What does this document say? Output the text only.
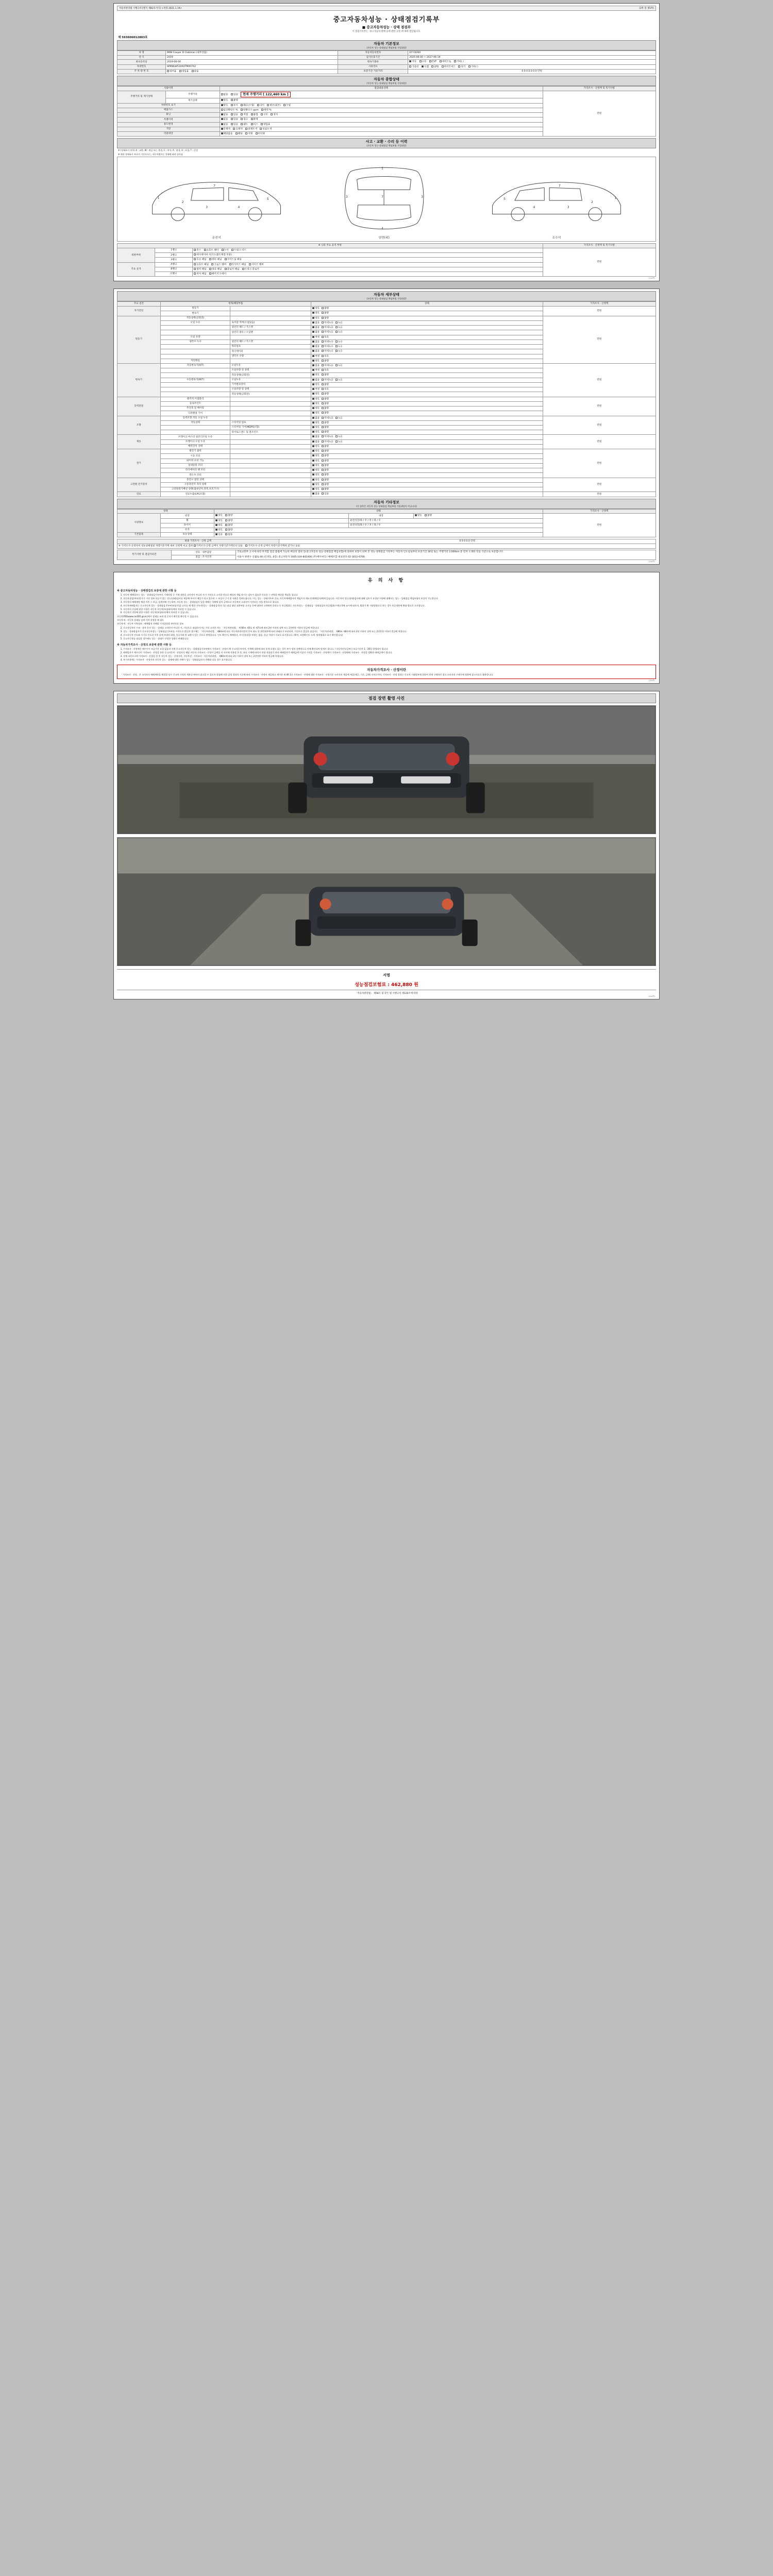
자동차관리법 시행규칙 [별지 제82호서식] <개정 2021.1.19>	(3쪽 중 제1쪽)
중고자동차성능 · 상태점검기록부
■ 중고자동차성능 · 상태 점검부
이 점검기록부는 ｢중고자동차 판매 등에 관한 규정｣에 따라 발급됩니다.
제 593606012803호
자동차 기본정보
(자동차 성능·상태점검 책임보험 가입대상)
차 명	MINI Cooper D Clubman (내부상품)	자동차등록번호	07사0260
연 식	2019	검사유효기간	2025-06-00 ~ 2027-06-19
최초등록일	2019-06-00	변속기종류	자동 수동 CVT 세미오토 기타( )
차대번호	WMWLW510X0TM00742	사용연료	가솔린 디젤 LPG 하이브리드 전기 기타( )
주 차 량 번 호	대여용 영업용 관용	보증기간 기준거리	0 0 0 0 0 0 0 만원
자동차 종합상태
(자동차 성능·상태점검 책임보험 가입대상)
사용이력		점검내용상태	가격조사 · 산정액 및 특기사항
주행거리 및 계기상태	주행거리	없음 있음 현재 주행거리 [ 122,460 km ]	만원

	계기상태	양호 불량	
차대번호 표기		양호 부식 훼손(오염) 상이 변조(위조) 도말	
배출가스		일산화탄소 % 탄화수소 ppm 매연 %	
튜닝		없음 있음 적법 불법 구조 장치	
특별이력		없음 있음 침수 화재	
용도변경		없음 있음 렌트 리스 영업용	
색상		무채색 유채색 전체도색 부분도색	
리콜대상		해당없음 해당 이행 미이행	
사고 · 교환 · 수리 등 이력
(자동차 성능·상태점검 책임보험 가입대상)
※ (상태표시 부호) X : 교환, W : 판금 또는 용접, C : 부식, A : 흠집, U : 요철, T : 손상
※ 하단 상태표시 부호의 기준으로는, 자동차별로는 상태에 따라 달라짐
1
2
3	4
5
7
1
7
4
3	3	1
2
3
4
5
7
운전석	상면(위)	조수석
※ 나의 주요 골격 부위			가격조사 · 산정액 및 특기사항
외판부위	1랭크	후드 프론트 팬더 도어 트렁크 리드	만원
	2랭크	라디에이터 서포트(볼트체결 부품)	
	3랭크	루프 패널 쿼터 패널 사이드실 패널	
주요 골격	A랭크	프론트 패널 크로스 멤버 인사이드 패널 사이드 멤버	
	B랭크	필러 패널 대쉬 패널 플로어 패널 트렁크 플로어	
	C랭크	리어 패널 패키지 트레이	
(1/4쪽)
자동차 세부상태
(자동차 성능·상태점검 책임보험 가입대상)
주요 검진	항목/해당부품		상태	가격조사 · 산정액
자기진단	원동기		양호 불량	만원
	변속기		양호 불량	
원동기	작동상태(공회전)		양호 불량	만원
	오일 누유	로커암 커버(오일닦음)	없음 미세누유 누유	
		실린더 헤드 / 가스켓	없음 미세누유 누유	
		실린더 블록 / 오일팬	없음 미세누유 누유	
	오일 유량		적정 부족	
	냉각수 누수	실린더 헤드 / 가스켓	없음 미세누수 누수	
		워터펌프	없음 미세누수 누수	
		라디에이터	없음 미세누수 누수	
		냉각수 수량	적정 부족	
	커먼레일		양호 불량	
변속기	자동변속기(A/T)	오일누유	없음 미세누유 누유	만원
		오일유량 및 상태	적정 부족	
		작동상태(공회전)	양호 불량	
	수동변속기(M/T)	오일누유	없음 미세누유 누유	
		기어변속장치	양호 불량	
		오일유량 및 상태	적정 부족	
		작동상태(공회전)	양호 불량	
동력전달	클러치 어셈블리		양호 불량	만원
	등속조인트		양호 불량	
	추진축 및 베어링		양호 불량	
	디퍼렌셜 기어		양호 불량	
조향	동력조향 작동 오일 누유		없음 미세누유 누유	만원
	작동상태	스티어링 펌프	양호 불량	
		스티어링 기어(MDPS포함)	양호 불량	
		타이로드엔드 및 볼조인트	양호 불량	
제동	브레이크 마스터 실린더오일 누유		없음 미세누유 누유	만원
	브레이크 오일 누유		없음 미세누유 누유	
	배력장치 상태		양호 불량	
전기	발전기 출력		양호 불량	만원
	시동 모터		양호 불량	
	와이퍼 모터 기능		양호 불량	
	실내송풍 모터		양호 불량	
	라디에이터 팬 모터		양호 불량	
	윈도우 모터		양호 불량	
고전원 전기장치	충전구 절연 상태		양호 불량	만원
	구동축전지 격리 상태		양호 불량	
	고전원전기배선 상태(접속단자,피복,보호기구)		양호 불량	
연료	연료누출(LPG포함)		없음 있음	만원
자동차 기타정보
(이 항목은 자동차 성능·상태점검 책임보험 가입대상이 아닙니다)
항목		상태			가격조사 · 산정액
사양정보	외장	양호 불량	내장	양호 불량	만원
	휠	양호 불량	운전석전/좌 / 우 / 후 / 좌 / 우		
	타이어	양호 불량	운전석전/좌 / 우 / 후 / 좌 / 우		
	유리	양호 불량			
기본품목	보유상태	있음 없음			
최종 가격조사 · 산정 금액	0 0 0 0 0 만원
※ 가격조사·산정자의 성능상태점검 차량기준가액 대비 산정액 비교 결과 가격조사·산정 금액이 차량기준가액보다 낮음 가격조사·산정 금액이 차량기준가액과 같거나 높음
특기사항 및 점검자의견	상호 · 내부담당	국토교통부 고시에 따라 부적합 점검 불법에 가능한 배상의 범위 등(중고자동차 성능·상태점검 책임보험)에 의하여 보장이 되며 본 성능·상태점검 기록부는 자동차 인도일로부터 보증기간 30일 또는 주행거리 2,000km 중 먼저 도래한 것을 기준으로 보증합니다.
서울시 양천구 신월로 00 (신정동, 0층) 중고차단지 1005-104-841006 (주)에이씨티 / 매매조합 대표번호 02-3011-6766

점검 · 조사산정
(2/4쪽)
유 의 사 항
※ 중고자동차성능 · 상태점검의 보증에 관한 사항 등
1. 자동차 매매업자는 성능 · 상태점검기록부의 기재사항 중 기재 내용을 고의적이 아니라 사기 거짓으로 고지할 것으로 배상의 책임 하시는 검토가 필요한 중요한 그 권력을 배상할 책임을 집니다.
2. 자동차상담(여보)앙가기 거짓 정보 오류가 있는 성능(상태)검사를 제공해 주셔서 매일가 되고 있으며 그 보증의 근거 및 내용을 알려드립니다. 이는 성능 · 상태기록부 중요, 자동차매매업자의 책임이지 매도인(매매업자)에게 있습니다. 자동차의 성능(상태)검사에 대해 검토가 요청된 사항에 대해서는 성능 · 상태점검 책임보험의 보상이 가능합니다.
3. 자동차의 매매계약 체결 이후 그 보증, 설계적에 가능하여, 자동차 성능 · 상태점검이 있을 때에는 상황에 있어 금액으로 자동차의 소유권이 이전되는 것을 원칙으로 합니다.
4. 자동차매매업자는 중고자동차 성능 · 상태점검기록부(보험가입) 고지를 해 행한 기록자(성능 · 상태점검자)의 성능점검 대상 교환부품 고지를 등에 대하여 고객에게 알리고 등 보증범위는 자동차성능 · 상태점검 · 상태점검의 보증범위(구매고객에 교시에 따르며, 범위가 확 지정법령으로 하는 경우 보증내용에 확대·별도로 고지합니다.
5. 자동차의 손실에 관한 사항은 자동차 자동차(보험회사)에서 처리할 수 있습니다.
6. 자동차의 진단에 관한 사항은 자동차(보험회사)에서 처리할 수 있습니다.

자동차356(www.car365.go.kr)에서 상태를 조회 및 문의가 확인할 확인할 수 있습니다.

자동차세 : 자동차 상태를 검색 가격 결정할 때 필독

자동차세 : 자동차 이력정보 : 해체법적 전해볼 가격결정할 관련자료 참조

2. 중고자동차의 구조 · 장치 등의 성능 · 상태를 고지하지 아니한 자, 거짓으로 점검하지거나 거짓 고지한 자는 「자동차관리법」 제 80조 제5호 및 제7호에 따라 2년 이하의 징역 또는 2천만원 이하의 벌금에 처합니다.
3. 성능 · 상태점검자가 중고자동차성능 · 상태점검기록부를 거짓으로 발급한 경우에는 「자동차관리법」 제84조에 따른 자동차관리사업의 등록 취소 및 위반회차에 따라 과태료가 부과되며, 거짓으로 발급한 점검자는 「자동차관리법」 제80조 제8호에 따라 2년 이하의 징역 또는 2천만원 이하의 벌금에 처합니다.
4. 중고자동차 인도와 시기로 인도한 이후 물에 부위의 회원, 통증사와 및 교환이 있는 중요로 판명합니다. 인도 확인시, 매매업자, 사이신(실물) 부위는 없음, 통증 사업이 시교로 표기합니다. (확인, 조용확인도 도색. 탈착범위로 표기 확인합니다)
5. 중고자동차를 점검할 경우에도 성능 · 상태가 인정한 상태로 판매합니다.
※ 자동차가격조사 · 산정의 보증에 관한 사항 등
1. 가격조사 · 산정액은 매수인이 보증기간 요청 없음과 자세 중고자동차 성능 · 상태점검기록부에서 가격조사 · 산정이 확 중고자동차이며, 가액에 내용에 따라 통계 요청도 있는 경우 부가 정보 선택적으로 미에 확인되어 맞게가 됩니다. / 자동차인도일부터 보증기간은 1 · 30일 발생되어 됩니다.
2. 매매업자가 매수인이 가격조사 · 산정을 통한 중고자동차 · 산정자가 해당 자동차 가격조사 · 산정이 금액을 이 사이에 적용할 한 후, 보다 시세에 따라서 통합 적용되기 관리 매매업자가 매매금액 이상의 가격을 가격조사 · 산정액이 가격조사 · 산정에에 가격조사 · 산정을 정확한 매매금액이 됩니다.
3. 자체 파산으로써 가격조사 · 산정을 한 후 자동차 성능 · 산정자의, 자동차성 · 가격조사 · 자동차관리법」 제80조에 따라 2년 이하의 징역 또는 2천만원 이하의 벌금에 처합니다.
4. 특기사항에는 가격조사 · 산정자의 자동차 성능 · 상태에 대한 견해가 성능 · 상태점검자의 견해와 다를 경우 표시합니다.
자동차가격조사 · 산정이란

「가격조사 · 산정」은 소비자가 매매계약을 체결할 당시 중고차 가격의 객관성 판단의 참고할 수 있도록 별첨에 의한 감정 결과의 기준에 따라 가격조사 · 산정이 제공하고 제시한 제 46 1건 가격조사 · 산정에 대한 가격조사 · 산정기준 소비자의 제공에 제공(제공, 기준, 금액) 서비스이며, 가격조사 · 산정 결과는 중고차 거래정보에 한하여 현재 구매하인 참고 소비자의 구매가에 영향에 참고자료로 활용합니다.

(3/4쪽)
점검 장면 촬영 사진
서명
성능점검보험료 : 462,880 원
「자동차관리법」 제58조 및 같은 법 시행규칙 제120조에 따라
(4/4쪽)
